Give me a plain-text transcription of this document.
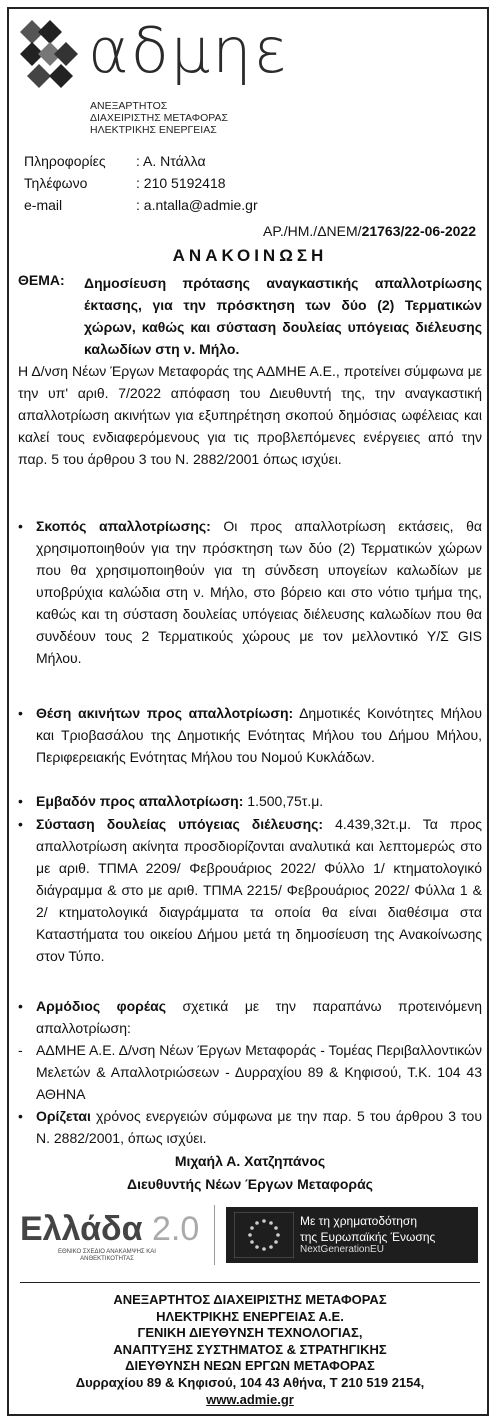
αδμηε
ΑΝΕΞΑΡΤΗΤΟΣ
ΔΙΑΧΕΙΡΙΣΤΗΣ ΜΕΤΑΦΟΡΑΣ
ΗΛΕΚΤΡΙΚΗΣ ΕΝΕΡΓΕΙΑΣ
Πληροφορίες : Α. Ντάλλα
Τηλέφωνο	: 210 5192418
e-mail	: a.ntalla@admie.gr
ΑΡ./ΗΜ./ΔΝΕΜ/21763/22-06-2022
ΑΝΑΚΟΙΝΩΣΗ
ΘΕΜΑ: Δημοσίευση πρότασης αναγκαστικής απαλλοτρίωσης έκτασης, για την πρόσκτηση των δύο (2) Τερματικών χώρων, καθώς και σύσταση δουλείας υπόγειας διέλευσης καλωδίων στη ν. Μήλο.
Η Δ/νση Νέων Έργων Μεταφοράς της ΑΔΜΗΕ Α.Ε., προτείνει σύμφωνα με την υπ' αριθ. 7/2022 απόφαση του Διευθυντή της, την αναγκαστική απαλλοτρίωση ακινήτων για εξυπηρέτηση σκοπού δημόσιας ωφέλειας και καλεί τους ενδιαφερόμενους για τις προβλεπόμενες ενέργειες από την παρ. 5 του άρθρου 3 του Ν. 2882/2001 όπως ισχύει.
• Σκοπός απαλλοτρίωσης: Οι προς απαλλοτρίωση εκτάσεις, θα χρησιμοποιηθούν για την πρόσκτηση των δύο (2) Τερματικών χώρων που θα χρησιμοποιηθούν για τη σύνδεση υπογείων καλωδίων με υποβρύχια καλώδια στη ν. Μήλο, στο βόρειο και στο νότιο τμήμα της, καθώς και τη σύσταση δουλείας υπόγειας διέλευσης καλωδίων που θα συνδέουν τους 2 Τερματικούς χώρους με τον μελλοντικό Υ/Σ GIS Μήλου.
• Θέση ακινήτων προς απαλλοτρίωση: Δημοτικές Κοινότητες Μήλου και Τριοβασάλου της Δημοτικής Ενότητας Μήλου του Δήμου Μήλου, Περιφερειακής Ενότητας Μήλου του Νομού Κυκλάδων.
• Εμβαδόν προς απαλλοτρίωση: 1.500,75τ.μ.
• Σύσταση δουλείας υπόγειας διέλευσης: 4.439,32τ.μ. Τα προς απαλλοτρίωση ακίνητα προσδιορίζονται αναλυτικά και λεπτομερώς στο με αριθ. ΤΠΜΑ 2209/ Φεβρουάριος 2022/ Φύλλο 1/ κτηματολογικό διάγραμμα & στο με αριθ. ΤΠΜΑ 2215/ Φεβρουάριος 2022/ Φύλλα 1 & 2/ κτηματολογικά διαγράμματα τα οποία θα είναι διαθέσιμα στα Καταστήματα του οικείου Δήμου μετά τη δημοσίευση της Ανακοίνωσης στον Τύπο.
• Αρμόδιος φορέας σχετικά με την παραπάνω προτεινόμενη απαλλοτρίωση:
- ΑΔΜΗΕ Α.Ε. Δ/νση Νέων Έργων Μεταφοράς - Τομέας Περιβαλλοντικών Μελετών & Απαλλοτριώσεων - Δυρραχίου 89 & Κηφισού, Τ.Κ. 104 43 ΑΘΗΝΑ
• Ορίζεται χρόνος ενεργειών σύμφωνα με την παρ. 5 του άρθρου 3 του Ν. 2882/2001, όπως ισχύει.
Μιχαήλ Α. Χατζηπάνος
Διευθυντής Νέων Έργων Μεταφοράς
Ελλάδα 2.0
ΕΘΝΙΚΟ ΣΧΕΔΙΟ ΑΝΑΚΑΜΨΗΣ ΚΑΙ ΑΝΘΕΚΤΙΚΟΤΗΤΑΣ
Με τη χρηματοδότηση
της Ευρωπαϊκής Ένωσης
NextGenerationEU
ΑΝΕΞΑΡΤΗΤΟΣ ΔΙΑΧΕΙΡΙΣΤΗΣ ΜΕΤΑΦΟΡΑΣ
ΗΛΕΚΤΡΙΚΗΣ ΕΝΕΡΓΕΙΑΣ Α.Ε.
ΓΕΝΙΚΗ ΔΙΕΥΘΥΝΣΗ ΤΕΧΝΟΛΟΓΙΑΣ,
ΑΝΑΠΤΥΞΗΣ ΣΥΣΤΗΜΑΤΟΣ & ΣΤΡΑΤΗΓΙΚΗΣ
ΔΙΕΥΘΥΝΣΗ ΝΕΩΝ ΕΡΓΩΝ ΜΕΤΑΦΟΡΑΣ
Δυρραχίου 89 & Κηφισού, 104 43 Αθήνα, Τ 210 519 2154,
www.admie.gr
